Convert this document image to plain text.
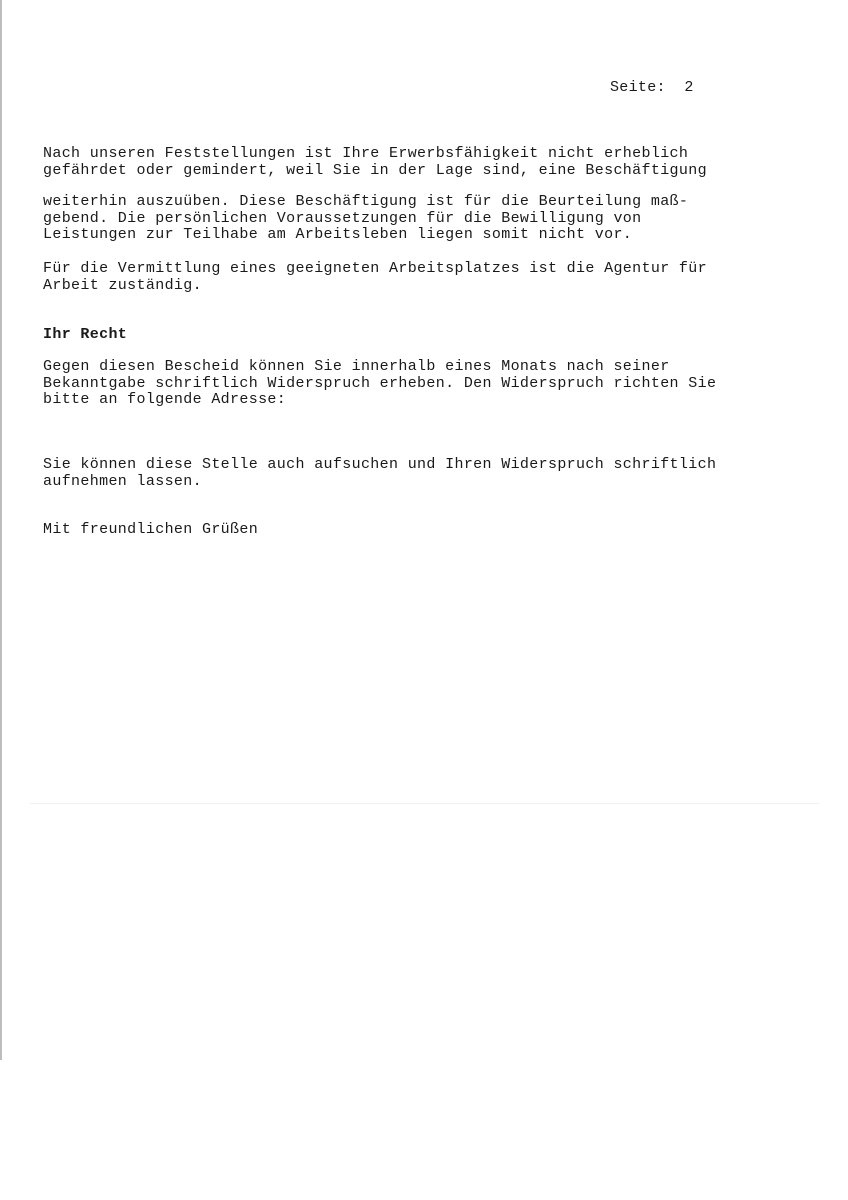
Seite: 2

Nach unseren Feststellungen ist Ihre Erwerbsfähigkeit nicht erheblich
gefährdet oder gemindert, weil Sie in der Lage sind, eine Beschäftigung

weiterhin auszuüben. Diese Beschäftigung ist für die Beurteilung maß-
gebend. Die persönlichen Voraussetzungen für die Bewilligung von
Leistungen zur Teilhabe am Arbeitsleben liegen somit nicht vor.

Für die Vermittlung eines geeigneten Arbeitsplatzes ist die Agentur für
Arbeit zuständig.

Ihr Recht

Gegen diesen Bescheid können Sie innerhalb eines Monats nach seiner
Bekanntgabe schriftlich Widerspruch erheben. Den Widerspruch richten Sie
bitte an folgende Adresse:

Sie können diese Stelle auch aufsuchen und Ihren Widerspruch schriftlich
aufnehmen lassen.

Mit freundlichen Grüßen
